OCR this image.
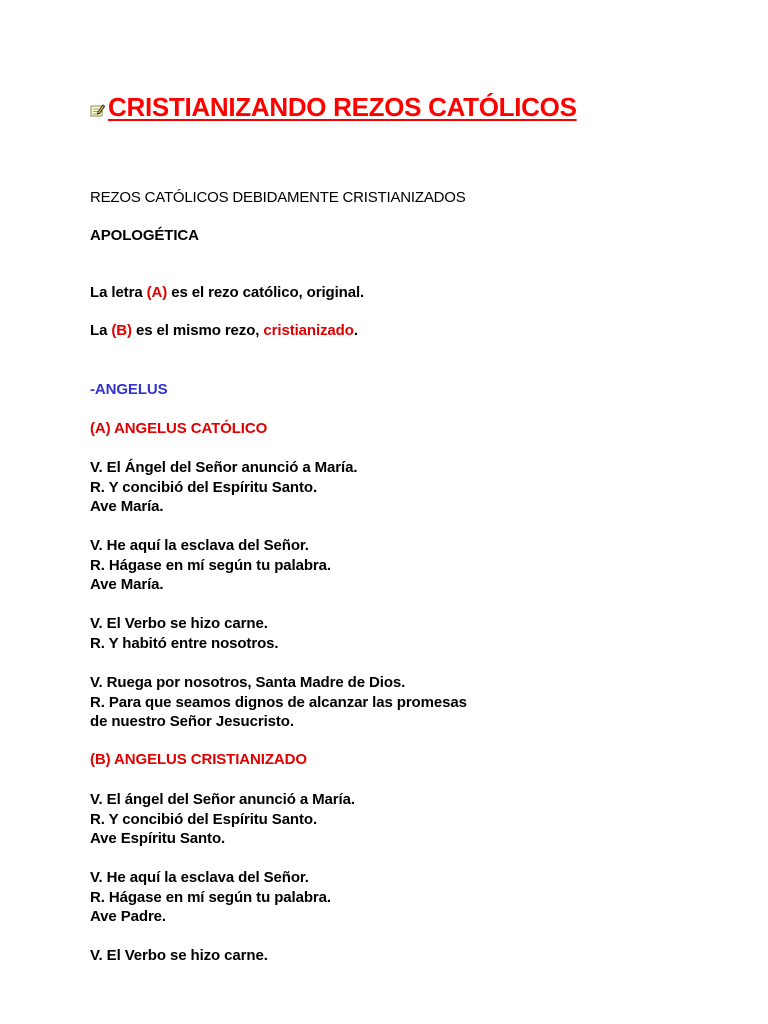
CRISTIANIZANDO REZOS CATÓLICOS
REZOS CATÓLICOS DEBIDAMENTE CRISTIANIZADOS
APOLOGÉTICA
La letra (A) es el rezo católico, original.
La (B) es el mismo rezo, cristianizado.
-ANGELUS
(A) ANGELUS CATÓLICO
V. El Ángel del Señor anunció a María.
R. Y concibió del Espíritu Santo.
Ave María.
V. He aquí la esclava del Señor.
R. Hágase en mí según tu palabra.
Ave María.
V. El Verbo se hizo carne.
R. Y habitó entre nosotros.
V. Ruega por nosotros, Santa Madre de Dios.
R. Para que seamos dignos de alcanzar las promesas
de nuestro Señor Jesucristo.
(B) ANGELUS CRISTIANIZADO
V. El ángel del Señor anunció a María.
R. Y concibió del Espíritu Santo.
Ave Espíritu Santo.
V. He aquí la esclava del Señor.
R. Hágase en mí según tu palabra.
Ave Padre.
V. El Verbo se hizo carne.
